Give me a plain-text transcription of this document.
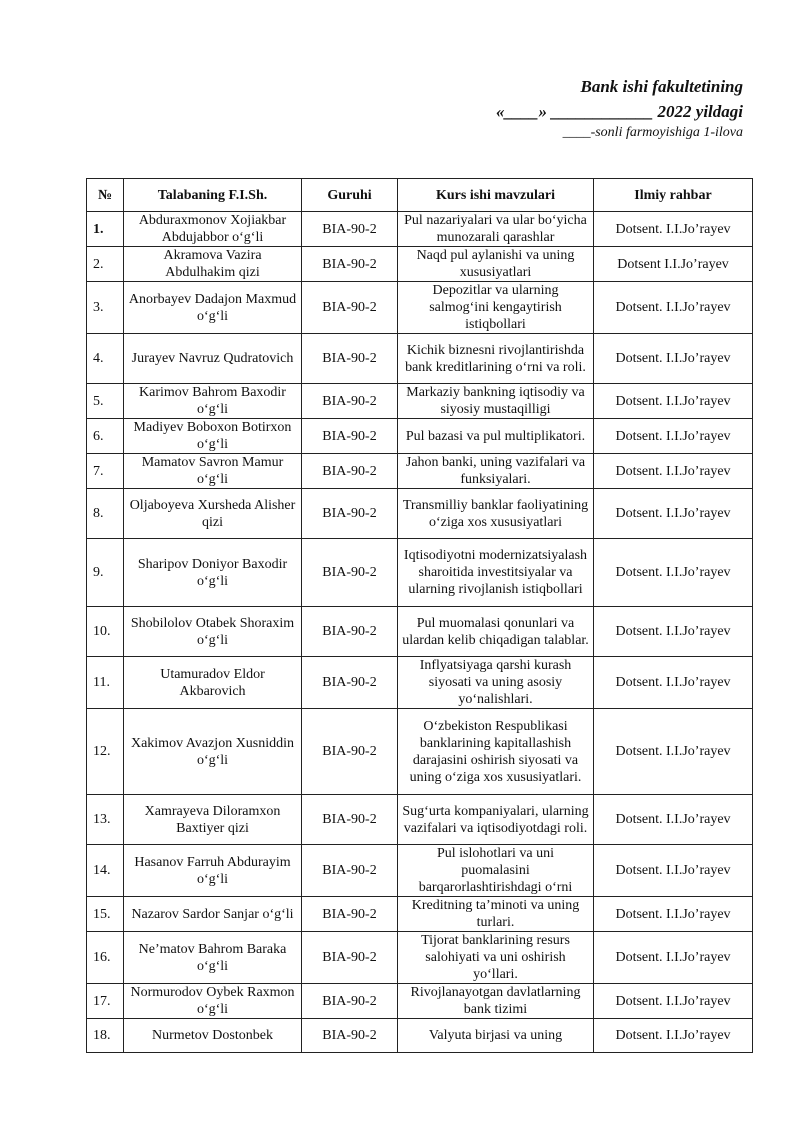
Bank ishi fakultetining
«____» ____________ 2022 yildagi
____-sonli farmoyishiga 1-ilova
№	Talabaning F.I.Sh.	Guruhi	Kurs ishi mavzulari	Ilmiy rahbar
1.	Abduraxmonov Xojiakbar Abdujabbor o‘g‘li	BIA-90-2	Pul nazariyalari va ular bo‘yicha munozarali qarashlar	Dotsent. I.I.Jo’rayev
2.	Akramova Vazira Abdulhakim qizi	BIA-90-2	Naqd pul aylanishi va uning xususiyatlari	Dotsent I.I.Jo’rayev
3.	Anorbayev Dadajon Maxmud o‘g‘li	BIA-90-2	Depozitlar va ularning salmog‘ini kengaytirish istiqbollari	Dotsent. I.I.Jo’rayev
4.	Jurayev Navruz Qudratovich	BIA-90-2	Kichik biznesni rivojlantirishda bank kreditlarining o‘rni va roli.	Dotsent. I.I.Jo’rayev
5.	Karimov Bahrom Baxodir o‘g‘li	BIA-90-2	Markaziy bankning iqtisodiy va siyosiy mustaqilligi	Dotsent. I.I.Jo’rayev
6.	Madiyev Boboxon Botirxon o‘g‘li	BIA-90-2	Pul bazasi va pul multiplikatori.	Dotsent. I.I.Jo’rayev
7.	Mamatov Savron Mamur o‘g‘li	BIA-90-2	Jahon banki, uning vazifalari va funksiyalari.	Dotsent. I.I.Jo’rayev
8.	Oljaboyeva Xursheda Alisher qizi	BIA-90-2	Transmilliy banklar faoliyatining o‘ziga xos xususiyatlari	Dotsent. I.I.Jo’rayev
9.	Sharipov Doniyor Baxodir o‘g‘li	BIA-90-2	Iqtisodiyotni modernizatsiyalash sharoitida investitsiyalar va ularning rivojlanish istiqbollari	Dotsent. I.I.Jo’rayev
10.	Shobilolov Otabek Shoraxim o‘g‘li	BIA-90-2	Pul muomalasi qonunlari va ulardan kelib chiqadigan talablar.	Dotsent. I.I.Jo’rayev
11.	Utamuradov Eldor Akbarovich	BIA-90-2	Inflyatsiyaga qarshi kurash siyosati va uning asosiy yo‘nalishlari.	Dotsent. I.I.Jo’rayev
12.	Xakimov Avazjon Xusniddin o‘g‘li	BIA-90-2	O‘zbekiston Respublikasi banklarining kapitallashish darajasini oshirish siyosati va uning o‘ziga xos xususiyatlari.	Dotsent. I.I.Jo’rayev
13.	Xamrayeva Diloramxon Baxtiyer qizi	BIA-90-2	Sug‘urta kompaniyalari, ularning vazifalari va iqtisodiyotdagi roli.	Dotsent. I.I.Jo’rayev
14.	Hasanov Farruh Abdurayim o‘g‘li	BIA-90-2	Pul islohotlari va uni puomalasini barqarorlashtirishdagi o‘rni	Dotsent. I.I.Jo’rayev
15.	Nazarov Sardor Sanjar o‘g‘li	BIA-90-2	Kreditning ta’minoti va uning turlari.	Dotsent. I.I.Jo’rayev
16.	Ne’matov Bahrom Baraka o‘g‘li	BIA-90-2	Tijorat banklarining resurs salohiyati va uni oshirish yo‘llari.	Dotsent. I.I.Jo’rayev
17.	Normurodov Oybek Raxmon o‘g‘li	BIA-90-2	Rivojlanayotgan davlatlarning bank tizimi	Dotsent. I.I.Jo’rayev
18.	Nurmetov Dostonbek	BIA-90-2	Valyuta birjasi va uning	Dotsent. I.I.Jo’rayev
